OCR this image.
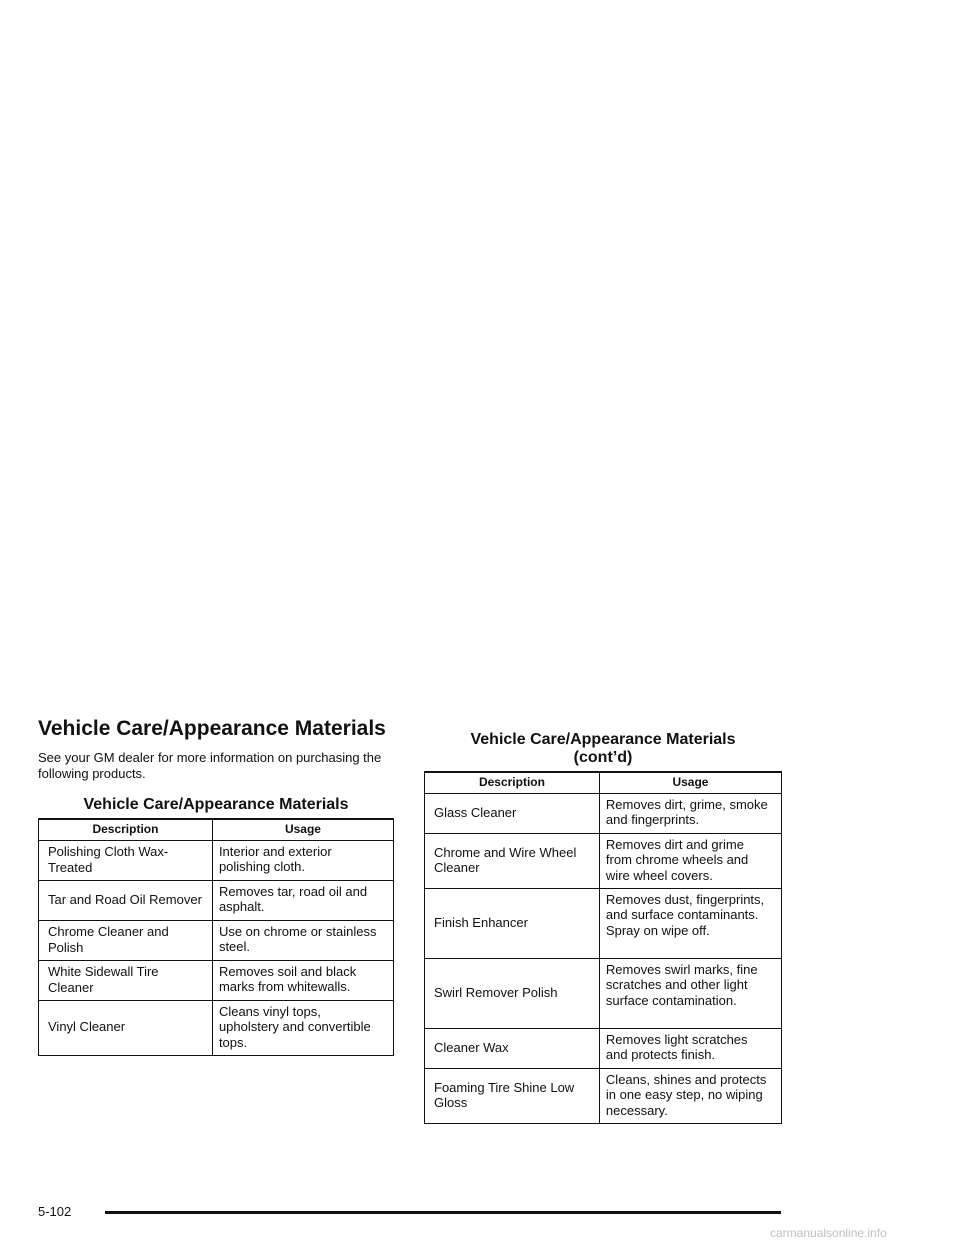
Vehicle Care/Appearance Materials

See your GM dealer for more information on purchasing the following products.

Vehicle Care/Appearance Materials
Description	Usage
Polishing Cloth Wax-Treated	Interior and exterior polishing cloth.
Tar and Road Oil Remover	Removes tar, road oil and asphalt.
Chrome Cleaner and Polish	Use on chrome or stainless steel.
White Sidewall Tire Cleaner	Removes soil and black marks from whitewalls.
Vinyl Cleaner	Cleans vinyl tops, upholstery and convertible tops.
Vehicle Care/Appearance Materials
(cont’d)
Description	Usage
Glass Cleaner	Removes dirt, grime, smoke and fingerprints.
Chrome and Wire Wheel Cleaner	Removes dirt and grime from chrome wheels and wire wheel covers.
Finish Enhancer	Removes dust, fingerprints, and surface contaminants. Spray on wipe off.
Swirl Remover Polish	Removes swirl marks, fine scratches and other light surface contamination.
Cleaner Wax	Removes light scratches and protects finish.
Foaming Tire Shine Low Gloss	Cleans, shines and protects in one easy step, no wiping necessary.
5-102
carmanualsonline.info
